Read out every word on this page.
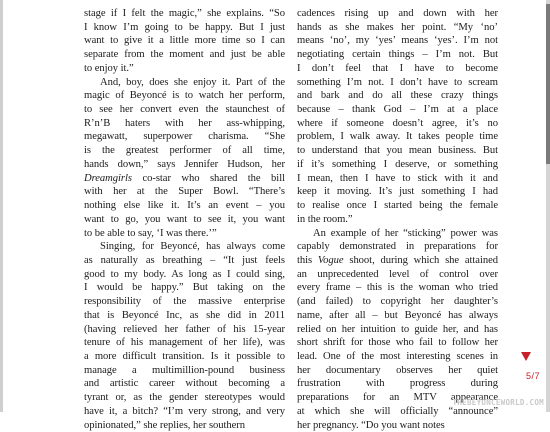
stage if I felt the magic,” she explains. “So
I know I’m going to be happy. But I just
want to give it a little more time so I can
separate from the moment and just be able
to enjoy it.”
And, boy, does she enjoy it. Part of the
magic of Beyoncé is to watch her perform,
to see her convert even the staunchest of
R’n’B haters with her ass-whipping,
megawatt, superpower charisma. “She
is the greatest performer of all time,
hands down,” says Jennifer Hudson, her
Dreamgirls co-star who shared the bill
with her at the Super Bowl. “There’s
nothing else like it. It’s an event – you
want to go, you want to see it, you want
to be able to say, ‘I was there.’”
Singing, for Beyoncé, has always come
as naturally as breathing – “It just feels
good to my body. As long as I could sing,
I would be happy.” But taking on the
responsibility of the massive enterprise
that is Beyoncé Inc, as she did in 2011
(having relieved her father of his 15-year
tenure of his management of her life), was
a more difficult transition. Is it possible to
manage a multimillion-pound business
and artistic career without becoming a
tyrant or, as the gender stereotypes would
have it, a bitch? “I’m very strong, and very
opinionated,” she replies, her southern
cadences rising up and down with her
hands as she makes her point. “My ‘no’
means ‘no’, my ‘yes’ means ‘yes’. I’m not
negotiating certain things – I’m not. But
I don’t feel that I have to become
something I’m not. I don’t have to scream
and bark and do all these crazy things
because – thank God – I’m at a place
where if someone doesn’t agree, it’s no
problem, I walk away. It takes people time
to understand that you mean business. But
if it’s something I deserve, or something
I mean, then I have to stick with it and
keep it moving. It’s just something I had
to realise once I started being the female
in the room.”
An example of her “sticking” power was
capably demonstrated in preparations for
this Vogue shoot, during which she attained
an unprecedented level of control over
every frame – this is the woman who tried
(and failed) to copyright her daughter’s
name, after all – but Beyoncé has always
relied on her intuition to guide her, and has
short shrift for those who fail to follow her
lead. One of the most interesting scenes in
her documentary observes her quiet
frustration with progress during
preparations for an MTV appearance
at which she will officially “announce”
her pregnancy. “Do you want notes
5/7
THEBEYONCEWORLD.COM
